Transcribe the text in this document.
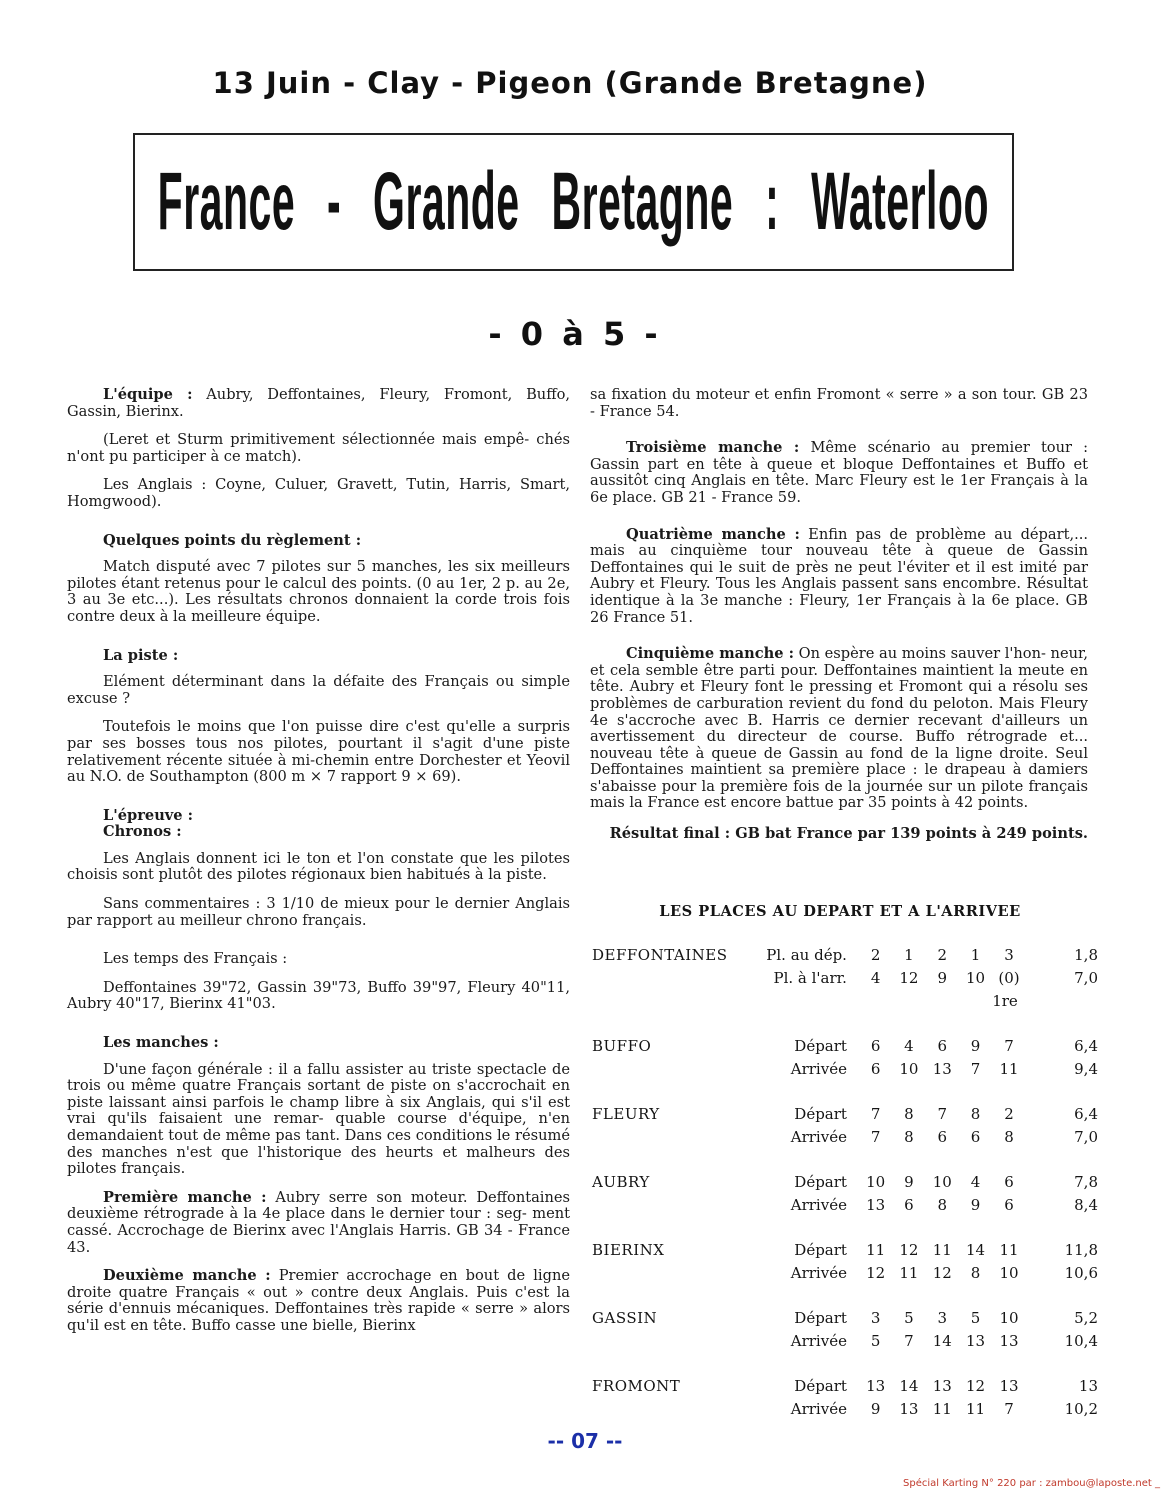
13 Juin - Clay - Pigeon (Grande Bretagne)
France - Grande Bretagne : Waterloo
- 0 à 5 -

L'équipe : Aubry, Deffontaines, Fleury, Fromont, Buffo, Gassin, Bierinx.

(Leret et Sturm primitivement sélectionnée mais empê- chés n'ont pu participer à ce match).

Les Anglais : Coyne, Culuer, Gravett, Tutin, Harris, Smart, Homgwood).

Quelques points du règlement :

Match disputé avec 7 pilotes sur 5 manches, les six meilleurs pilotes étant retenus pour le calcul des points. (0 au 1er, 2 p. au 2e, 3 au 3e etc...). Les résultats chronos donnaient la corde trois fois contre deux à la meilleure équipe.

La piste :

Elément déterminant dans la défaite des Français ou simple excuse ?

Toutefois le moins que l'on puisse dire c'est qu'elle a surpris par ses bosses tous nos pilotes, pourtant il s'agit d'une piste relativement récente située à mi-chemin entre Dorchester et Yeovil au N.O. de Southampton (800 m × 7 rapport 9 × 69).

L'épreuve :
Chronos :

Les Anglais donnent ici le ton et l'on constate que les pilotes choisis sont plutôt des pilotes régionaux bien habitués à la piste.

Sans commentaires : 3 1/10 de mieux pour le dernier Anglais par rapport au meilleur chrono français.

Les temps des Français :

Deffontaines 39"72, Gassin 39"73, Buffo 39"97, Fleury 40"11, Aubry 40"17, Bierinx 41"03.

Les manches :

D'une façon générale : il a fallu assister au triste spectacle de trois ou même quatre Français sortant de piste on s'accrochait en piste laissant ainsi parfois le champ libre à six Anglais, qui s'il est vrai qu'ils faisaient une remar- quable course d'équipe, n'en demandaient tout de même pas tant. Dans ces conditions le résumé des manches n'est que l'historique des heurts et malheurs des pilotes français.

Première manche : Aubry serre son moteur. Deffontaines deuxième rétrograde à la 4e place dans le dernier tour : seg- ment cassé. Accrochage de Bierinx avec l'Anglais Harris. GB 34 - France 43.

Deuxième manche : Premier accrochage en bout de ligne droite quatre Français « out » contre deux Anglais. Puis c'est la série d'ennuis mécaniques. Deffontaines très rapide « serre » alors qu'il est en tête. Buffo casse une bielle, Bierinx

sa fixation du moteur et enfin Fromont « serre » a son tour. GB 23 - France 54.

Troisième manche : Même scénario au premier tour : Gassin part en tête à queue et bloque Deffontaines et Buffo et aussitôt cinq Anglais en tête. Marc Fleury est le 1er Français à la 6e place. GB 21 - France 59.

Quatrième manche : Enfin pas de problème au départ,... mais au cinquième tour nouveau tête à queue de Gassin Deffontaines qui le suit de près ne peut l'éviter et il est imité par Aubry et Fleury. Tous les Anglais passent sans encombre. Résultat identique à la 3e manche : Fleury, 1er Français à la 6e place. GB 26 France 51.

Cinquième manche : On espère au moins sauver l'hon- neur, et cela semble être parti pour. Deffontaines maintient la meute en tête. Aubry et Fleury font le pressing et Fromont qui a résolu ses problèmes de carburation revient du fond du peloton. Mais Fleury 4e s'accroche avec B. Harris ce dernier recevant d'ailleurs un avertissement du directeur de course. Buffo rétrograde et... nouveau tête à queue de Gassin au fond de la ligne droite. Seul Deffontaines maintient sa première place : le drapeau à damiers s'abaisse pour la première fois de la journée sur un pilote français mais la France est encore battue par 35 points à 42 points.

Résultat final : GB bat France par 139 points à 249 points.
LES PLACES AU DEPART ET A L'ARRIVEE
DEFFONTAINES	Pl. au dép.	2	1	2	1	3	1,8
	Pl. à l'arr.	4	12	9	10	(0)	7,0
						1re	

BUFFO	Départ	6	4	6	9	7	6,4
	Arrivée	6	10	13	7	11	9,4

FLEURY	Départ	7	8	7	8	2	6,4
	Arrivée	7	8	6	6	8	7,0

AUBRY	Départ	10	9	10	4	6	7,8
	Arrivée	13	6	8	9	6	8,4

BIERINX	Départ	11	12	11	14	11	11,8
	Arrivée	12	11	12	8	10	10,6

GASSIN	Départ	3	5	3	5	10	5,2
	Arrivée	5	7	14	13	13	10,4

FROMONT	Départ	13	14	13	12	13	13
	Arrivée	9	13	11	11	7	10,2
-- 07 --
Spécial Karting N° 220 par : zambou@laposte.net _
